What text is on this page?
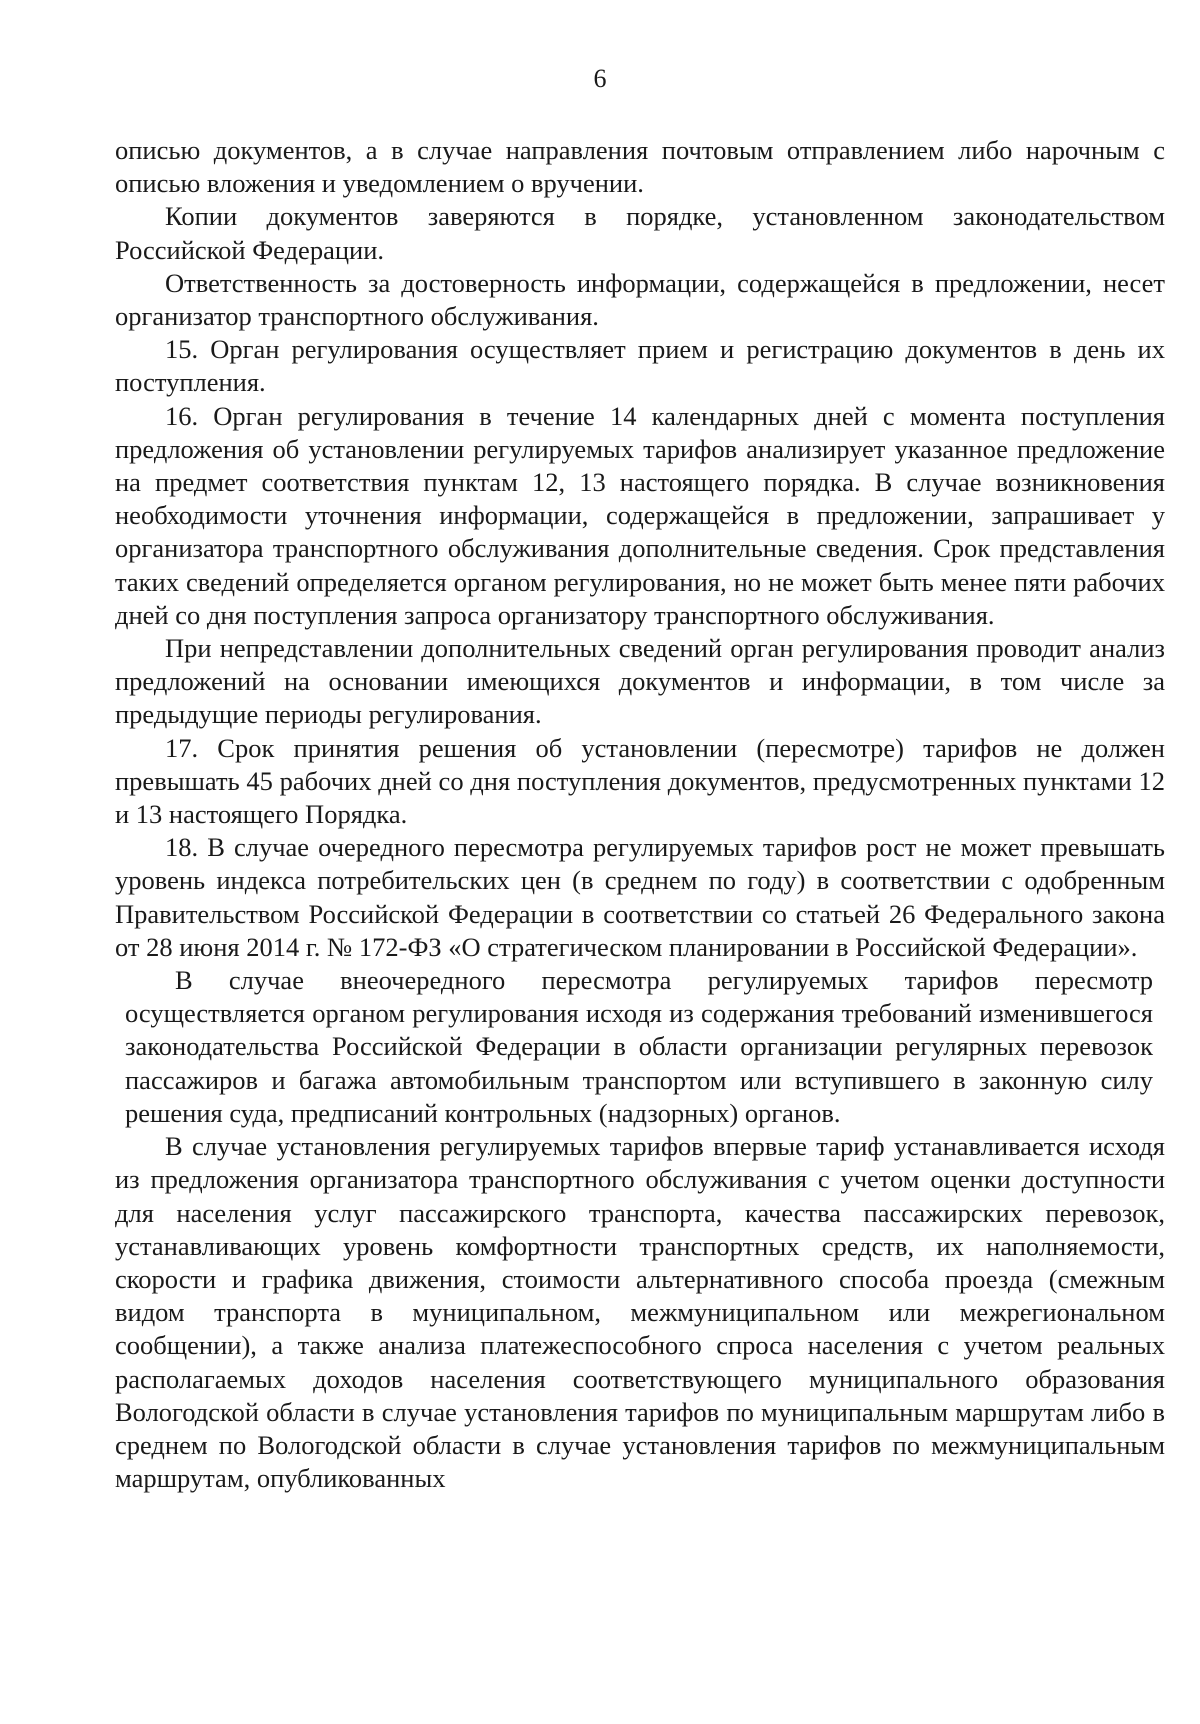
6

описью документов, а в случае направления почтовым отправлением либо нарочным с описью вложения и уведомлением о вручении.

Копии документов заверяются в порядке, установленном законодательством Российской Федерации.

Ответственность за достоверность информации, содержащейся в предложении, несет организатор транспортного обслуживания.

15. Орган регулирования осуществляет прием и регистрацию документов в день их поступления.

16. Орган регулирования в течение 14 календарных дней с момента поступления предложения об установлении регулируемых тарифов анализирует указанное предложение на предмет соответствия пунктам 12, 13 настоящего порядка. В случае возникновения необходимости уточнения информации, содержащейся в предложении, запрашивает у организатора транспортного обслуживания дополнительные сведения. Срок представления таких сведений определяется органом регулирования, но не может быть менее пяти рабочих дней со дня поступления запроса организатору транспортного обслуживания.

При непредставлении дополнительных сведений орган регулирования проводит анализ предложений на основании имеющихся документов и информации, в том числе за предыдущие периоды регулирования.

17. Срок принятия решения об установлении (пересмотре) тарифов не должен превышать 45 рабочих дней со дня поступления документов, предусмотренных пунктами 12 и 13 настоящего Порядка.

18. В случае очередного пересмотра регулируемых тарифов рост не может превышать уровень индекса потребительских цен (в среднем по году) в соответствии с одобренным Правительством Российской Федерации в соответствии со статьей 26 Федерального закона от 28 июня 2014 г. № 172-ФЗ «О стратегическом планировании в Российской Федерации».

В случае внеочередного пересмотра регулируемых тарифов пересмотр осуществляется органом регулирования исходя из содержания требований изменившегося законодательства Российской Федерации в области организации регулярных перевозок пассажиров и багажа автомобильным транспортом или вступившего в законную силу решения суда, предписаний контрольных (надзорных) органов.

В случае установления регулируемых тарифов впервые тариф устанавливается исходя из предложения организатора транспортного обслуживания с учетом оценки доступности для населения услуг пассажирского транспорта, качества пассажирских перевозок, устанавливающих уровень комфортности транспортных средств, их наполняемости, скорости и графика движения, стоимости альтернативного способа проезда (смежным видом транспорта в муниципальном, межмуниципальном или межрегиональном сообщении), а также анализа платежеспособного спроса населения с учетом реальных располагаемых доходов населения соответствующего муниципального образования Вологодской области в случае установления тарифов по муниципальным маршрутам либо в среднем по Вологодской области в случае установления тарифов по межмуниципальным маршрутам, опубликованных
